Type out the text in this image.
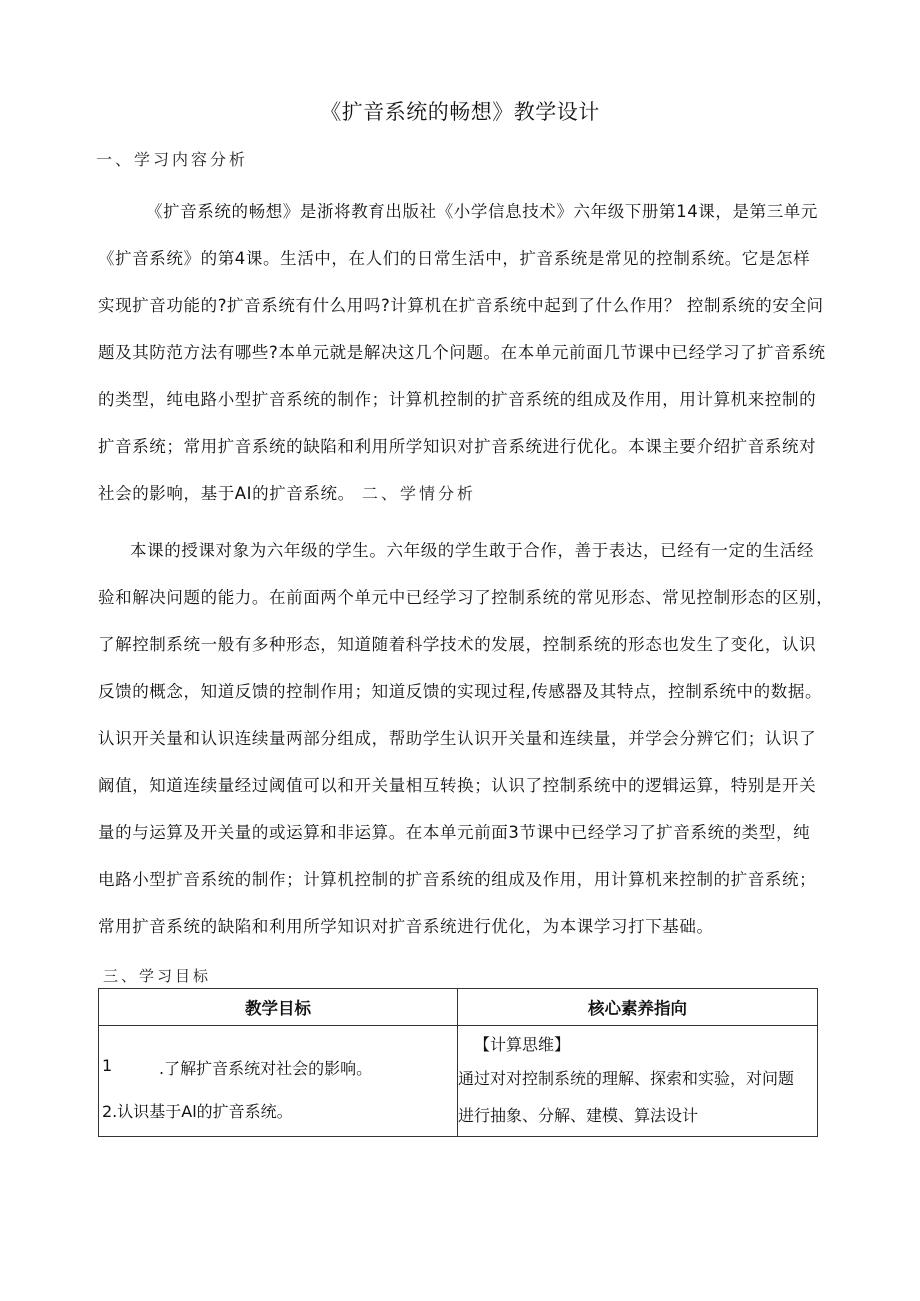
《扩音系统的畅想》教学设计
一、学习内容分析
《扩音系统的畅想》是浙将教育出版社《小学信息技术》六年级下册第14课，是第三单元
《扩音系统》的第4课。生活中，在人们的日常生活中，扩音系统是常见的控制系统。它是怎样
实现扩音功能的?扩音系统有什么用吗?计算机在扩音系统中起到了什么作用？ 控制系统的安全问
题及其防范方法有哪些?本单元就是解决这几个问题。在本单元前面几节课中已经学习了扩音系统
的类型，纯电路小型扩音系统的制作；计算机控制的扩音系统的组成及作用，用计算机来控制的
扩音系统；常用扩音系统的缺陷和利用所学知识对扩音系统进行优化。本课主要介绍扩音系统对
社会的影响，基于AI的扩音系统。 二、学情分析
本课的授课对象为六年级的学生。六年级的学生敢于合作，善于表达，已经有一定的生活经
验和解决问题的能力。在前面两个单元中已经学习了控制系统的常见形态、常见控制形态的区别，
了解控制系统一般有多种形态，知道随着科学技术的发展，控制系统的形态也发生了变化，认识
反馈的概念，知道反馈的控制作用；知道反馈的实现过程,传感器及其特点，控制系统中的数据。
认识开关量和认识连续量两部分组成，帮助学生认识开关量和连续量，并学会分辨它们；认识了
阚值，知道连续量经过阈值可以和开关量相互转换；认识了控制系统中的逻辑运算，特别是开关
量的与运算及开关量的或运算和非运算。在本单元前面3节课中已经学习了扩音系统的类型，纯
电路小型扩音系统的制作；计算机控制的扩音系统的组成及作用，用计算机来控制的扩音系统；
常用扩音系统的缺陷和利用所学知识对扩音系统进行优化，为本课学习打下基础。
三、学习目标
教学目标	核心素养指向

1 .了解扩音系统对社会的影响。
2.认识基于Al的扩音系统。	【计算思维】
通过对对控制系统的理解、探索和实验，对问题
进行抽象、分解、建模、算法设计
